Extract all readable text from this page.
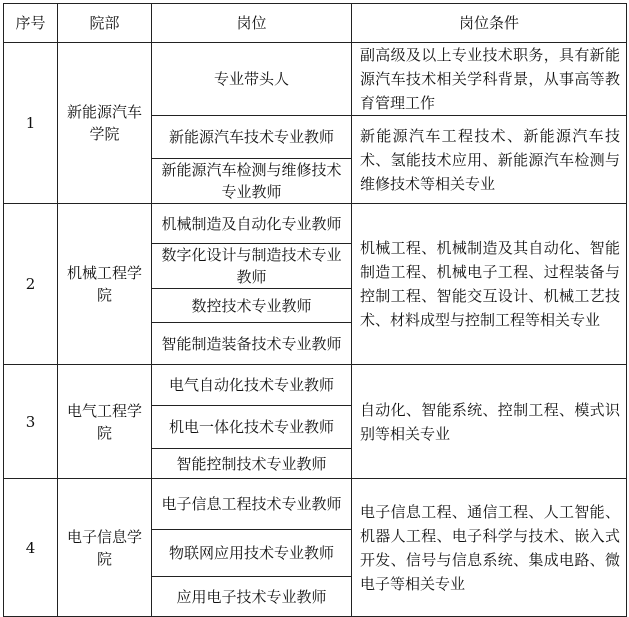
序号	院部	岗位	岗位条件
1	新能源汽车学院	专业带头人	副高级及以上专业技术职务，具有新能源汽车技术相关学科背景，从事高等教育管理工作
		新能源汽车技术专业教师	新能源汽车工程技术、新能源汽车技术、氢能技术应用、新能源汽车检测与维修技术等相关专业
		新能源汽车检测与维修技术专业教师	
2	机械工程学院	机械制造及自动化专业教师	机械工程、机械制造及其自动化、智能制造工程、机械电子工程、过程装备与控制工程、智能交互设计、机械工艺技术、材料成型与控制工程等相关专业
		数字化设计与制造技术专业教师	
		数控技术专业教师	
		智能制造装备技术专业教师	
3	电气工程学院	电气自动化技术专业教师	自动化、智能系统、控制工程、模式识别等相关专业
		机电一体化技术专业教师	
		智能控制技术专业教师	
4	电子信息学院	电子信息工程技术专业教师	电子信息工程、通信工程、人工智能、机器人工程、电子科学与技术、嵌入式开发、信号与信息系统、集成电路、微电子等相关专业
		物联网应用技术专业教师	
		应用电子技术专业教师	
